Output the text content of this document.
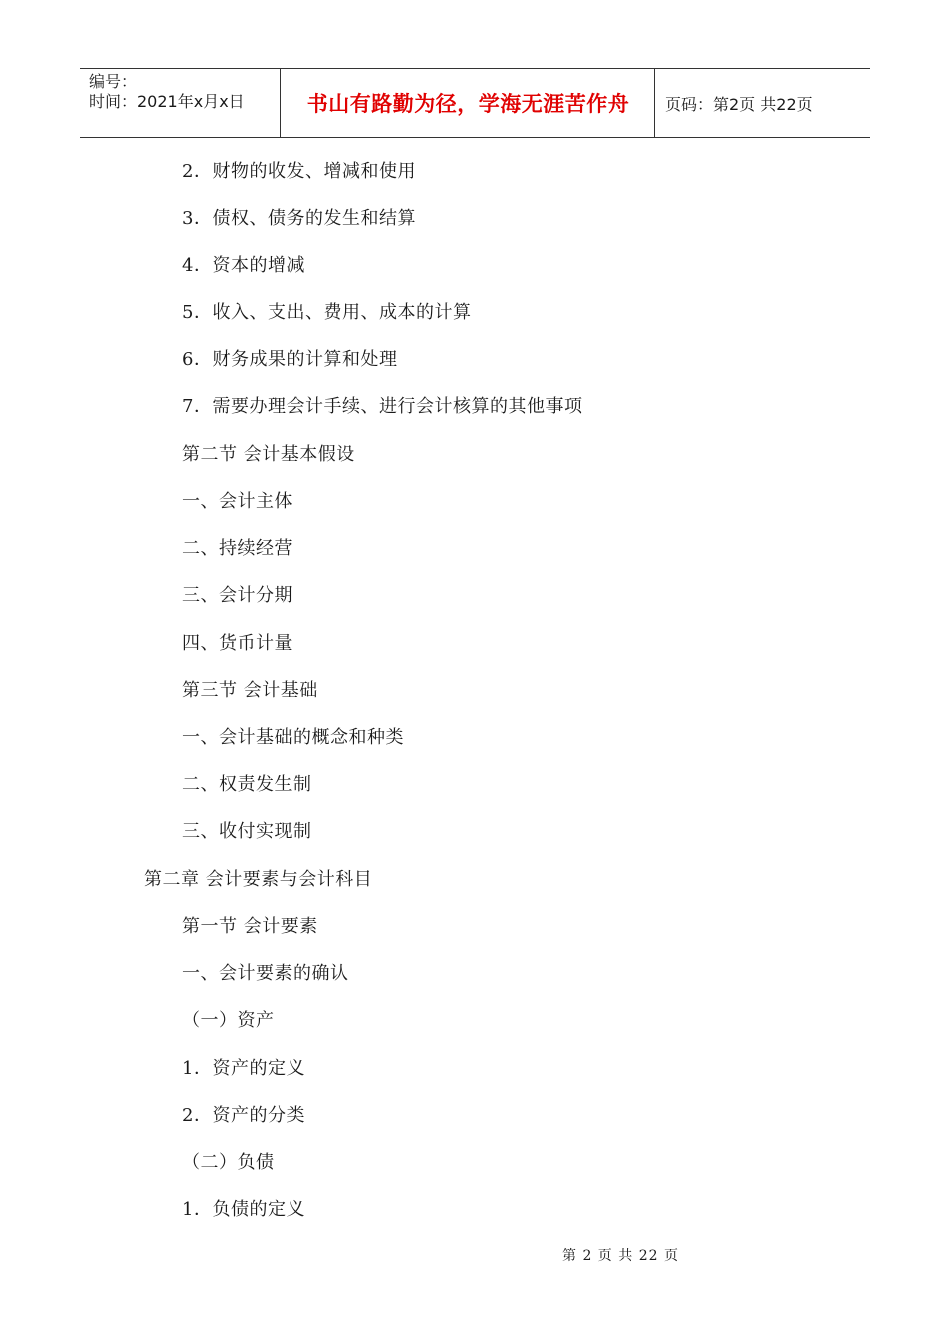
编号：
时间：2021年x月x日	书山有路勤为径，学海无涯苦作舟 页码：第2页 共22页
2．财物的收发、增减和使用
3．债权、债务的发生和结算
4．资本的增减
5．收入、支出、费用、成本的计算
6．财务成果的计算和处理
7．需要办理会计手续、进行会计核算的其他事项
第二节 会计基本假设
一、会计主体
二、持续经营
三、会计分期
四、货币计量
第三节 会计基础
一、会计基础的概念和种类
二、权责发生制
三、收付实现制
第二章 会计要素与会计科目
第一节 会计要素
一、会计要素的确认
（一）资产
1．资产的定义
2．资产的分类
（二）负债
1．负债的定义
第 2 页 共 22 页
